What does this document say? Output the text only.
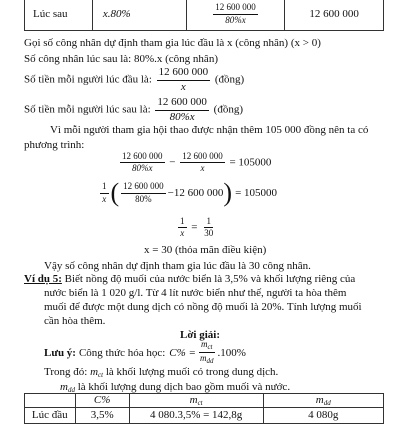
Lúc sau	x.80%	$\frac{12 600 000}{80\%x}$	12 600 000
Gọi số công nhân dự định tham gia lúc đầu là x (công nhân) (x > 0)
Số công nhân lúc sau là: 80%.x (công nhân)
Số tiền mỗi người lúc đầu là: $\frac{12 600 000}{x}$ (đồng)
Số tiền mỗi người lúc sau là: $\frac{12 600 000}{80\%x}$ (đồng)
Vì mỗi người tham gia hội thao được nhận thêm 105 000 đồng nên ta có
phương trình:
$\frac{12 600 000}{80\%x} - \frac{12 600 000}{x} = 105000$
$\frac{1}{x}$ ( $\frac{12 600 000}{80\%} -12$ 600 000 ) = 105000
$\frac{1}{x} = \frac{1}{30}$
x = 30 (thỏa mãn điều kiện)
Vậy số công nhân dự định tham gia lúc đầu là 30 công nhân.
Ví dụ 5: Biết nồng độ muối của nước biển là 3,5% và khối lượng riêng của
nước biển là 1 020 g/l. Từ 4 lít nước biển như thế, người ta hòa thêm
muối để được một dung dịch có nồng độ muối là 20%. Tính lượng muối
cần hòa thêm.
Lời giải:
Lưu ý: Công thức hóa học: $C\% = \frac{m_{ct}}{m_{dd}} .100\%$
Trong đó: $m_{ct}$ là khối lượng muối có trong dung dịch.
$m_{dd}$ là khối lượng dung dịch bao gồm muối và nước.
	C%	$m_{ct}$	$m_{dd}$
Lúc đầu	3,5%	4 080.3,5% = 142,8g	4 080g
